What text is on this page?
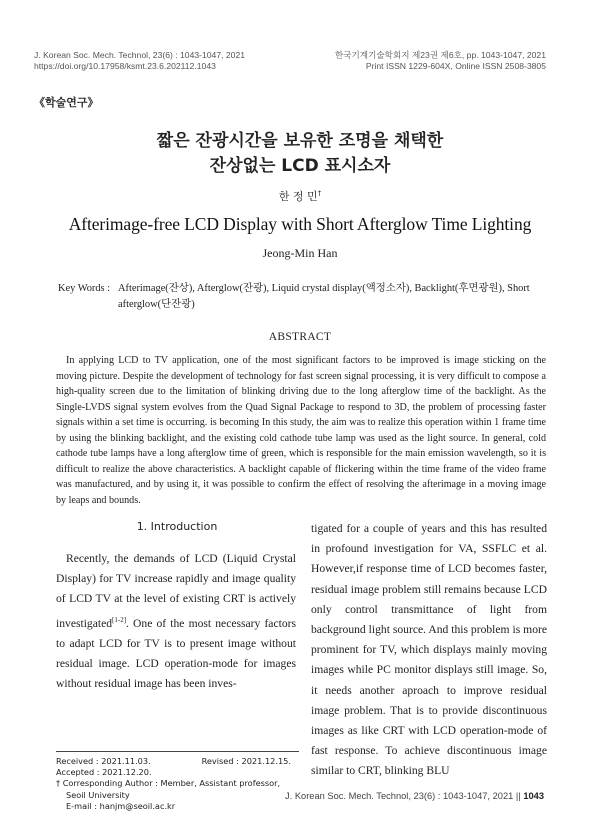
J. Korean Soc. Mech. Technol, 23(6) : 1043-1047, 2021
https://doi.org/10.17958/ksmt.23.6.202112.1043
한국기계기술학회지 제23권 제6호, pp. 1043-1047, 2021
Print ISSN 1229-604X, Online ISSN 2508-3805
《학술연구》
짧은 잔광시간을 보유한 조명을 채택한
잔상없는 LCD 표시소자
한 정 민†
Afterimage-free LCD Display with Short Afterglow Time Lighting
Jeong-Min Han
Key Words : Afterimage(잔상), Afterglow(잔광), Liquid crystal display(액정소자), Backlight(후면광원), Short afterglow(단잔광)
ABSTRACT
In applying LCD to TV application, one of the most significant factors to be improved is image sticking on the moving picture. Despite the development of technology for fast screen signal processing, it is very difficult to compose a high-quality screen due to the limitation of blinking driving due to the long afterglow time of the backlight. As the Single-LVDS signal system evolves from the Quad Signal Package to respond to 3D, the problem of processing faster signals within a set time is occurring. is becoming In this study, the aim was to realize this operation within 1 frame time by using the blinking backlight, and the existing cold cathode tube lamp was used as the light source. In general, cold cathode tube lamps have a long afterglow time of green, which is responsible for the main emission wavelength, so it is difficult to realize the above characteristics. A backlight capable of flickering within the time frame of the video frame was manufactured, and by using it, it was possible to confirm the effect of resolving the afterimage in a moving image by leaps and bounds.
1. Introduction
Recently, the demands of LCD (Liquid Crystal Display) for TV increase rapidly and image quality of LCD TV at the level of existing CRT is actively investigated[1-2]. One of the most necessary factors to adapt LCD for TV is to present image without residual image. LCD operation-mode for images without residual image has been inves-
tigated for a couple of years and this has resulted in profound investigation for VA, SSFLC et al. However,if response time of LCD becomes faster, residual image problem still remains because LCD only control transmittance of light from background light source. And this problem is more prominent for TV, which displays mainly moving images while PC monitor displays still image. So, it needs another aproach to improve residual image problem. That is to provide discontinuous images as like CRT with LCD operation-mode of fast response. To achieve discontinuous image similar to CRT, blinking BLU
Received : 2021.11.03.	Revised : 2021.12.15.
Accepted : 2021.12.20.
† Corresponding Author : Member, Assistant professor, Seoil University
E-mail : hanjm@seoil.ac.kr
J. Korean Soc. Mech. Technol, 23(6) : 1043-1047, 2021 || 1043
